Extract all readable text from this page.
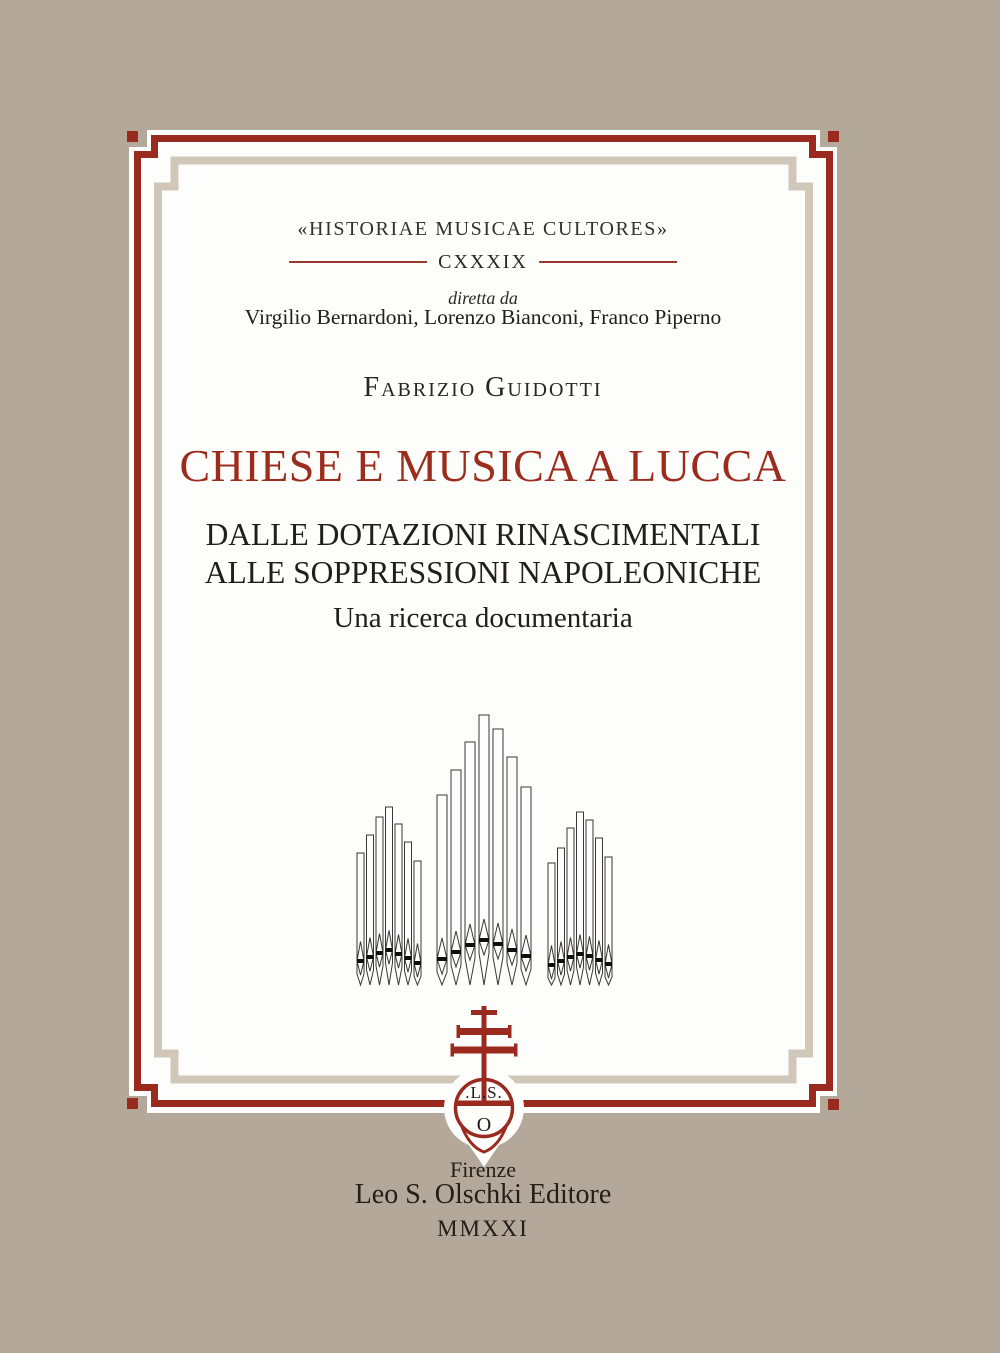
«HISTORIAE MUSICAE CULTORES»
CXXXIX
diretta da
Virgilio Bernardoni, Lorenzo Bianconi, Franco Piperno
Fabrizio Guidotti
CHIESE E MUSICA A LUCCA
DALLE DOTAZIONI RINASCIMENTALI
ALLE SOPPRESSIONI NAPOLEONICHE
Una ricerca documentaria
.L.S.
O
Firenze
Leo S. Olschki Editore
MMXXI
